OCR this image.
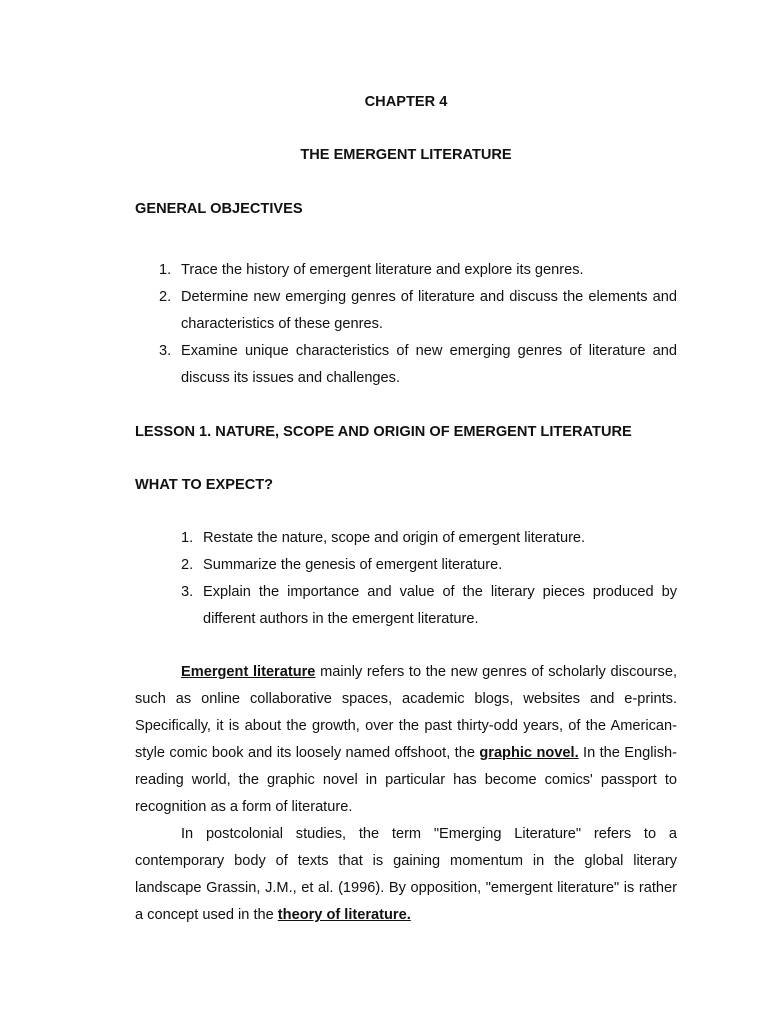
CHAPTER 4
THE EMERGENT LITERATURE
GENERAL OBJECTIVES
1. Trace the history of emergent literature and explore its genres.
2. Determine new emerging genres of literature and discuss the elements and characteristics of these genres.
3. Examine unique characteristics of new emerging genres of literature and discuss its issues and challenges.
LESSON 1. NATURE, SCOPE AND ORIGIN OF EMERGENT LITERATURE
WHAT TO EXPECT?
1. Restate the nature, scope and origin of emergent literature.
2. Summarize the genesis of emergent literature.
3. Explain the importance and value of the literary pieces produced by different authors in the emergent literature.

Emergent literature mainly refers to the new genres of scholarly discourse, such as online collaborative spaces, academic blogs, websites and e-prints. Specifically, it is about the growth, over the past thirty-odd years, of the American-style comic book and its loosely named offshoot, the graphic novel. In the English-reading world, the graphic novel in particular has become comics' passport to recognition as a form of literature.

In postcolonial studies, the term "Emerging Literature" refers to a contemporary body of texts that is gaining momentum in the global literary landscape Grassin, J.M., et al. (1996). By opposition, "emergent literature" is rather a concept used in the theory of literature.
